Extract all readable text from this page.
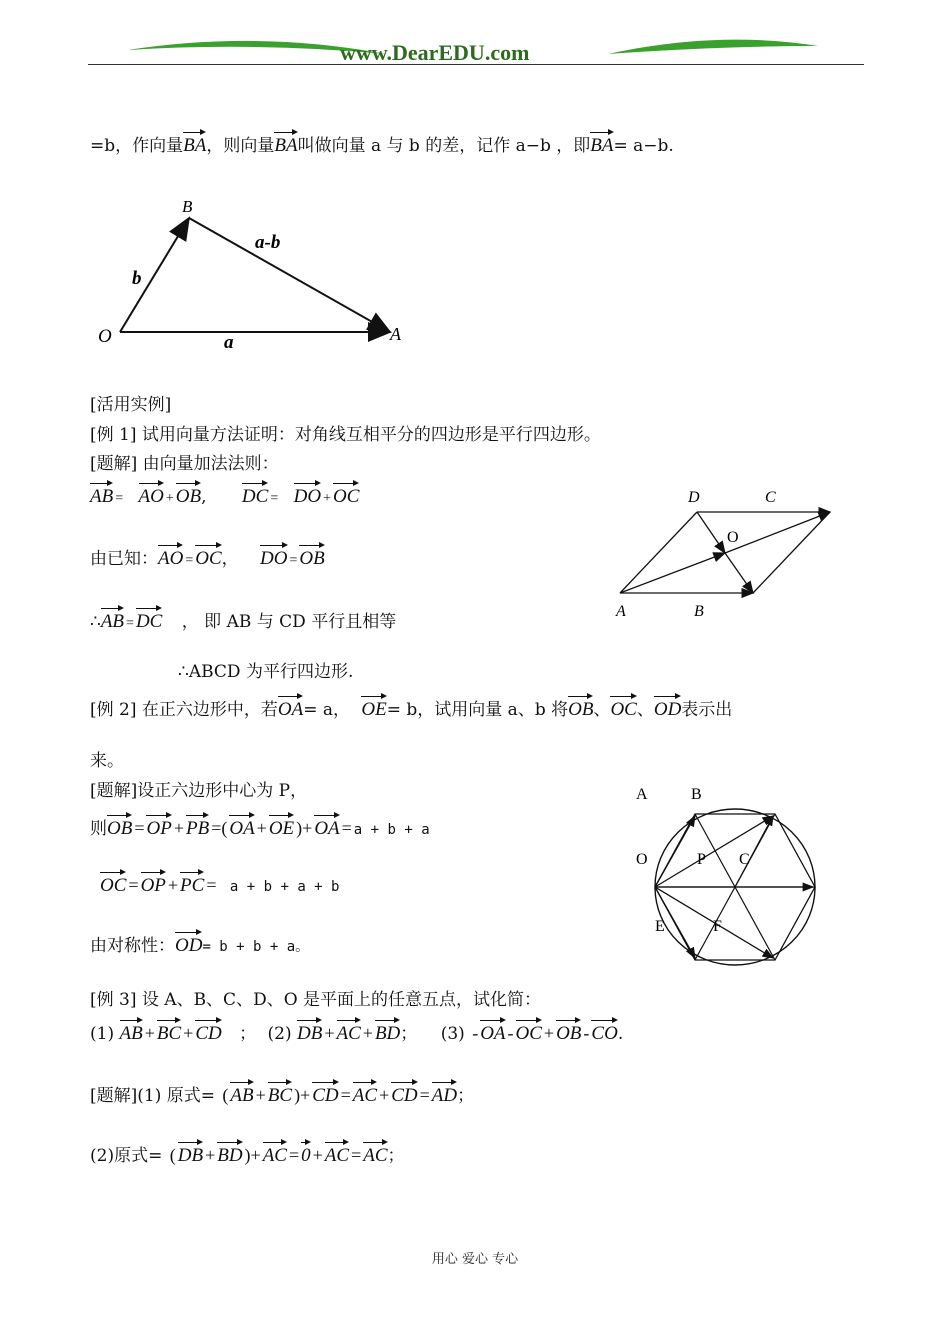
www.DearEDU.com
=b，作向量BA，则向量BA叫做向量 a 与 b 的差，记作 a−b ，即BA= a−b.
B
O	A
b
a
a-b
[活用实例]
[例 1] 试用向量方法证明：对角线互相平分的四边形是平行四边形。
[题解] 由向量加法法则：
AB = AO + OB, DC = DO + OC
由已知：AO = OC， DO = OB
∴AB = DC ， 即 AB 与 CD 平行且相等
∴ABCD 为平行四边形.
D	C
O
A	B
[例 2] 在正六边形中，若OA= a， OE= b，试用向量 a、b 将OB、OC、OD表示出
来。
[题解]设正六边形中心为 P，
则OB = OP + PB =( OA + OE )+ OA = a + b + a
OC = OP + PC = a + b + a + b
由对称性：OD= b + b + a。
A	B
O	P C
E	F
[例 3] 设 A、B、C、D、O 是平面上的任意五点，试化简：
(1) AB + BC + CD ； (2) DB + AC + BD； (3) - OA - OC + OB - CO.
[题解](1) 原式= ( AB + BC )+ CD = AC + CD = AD；
(2)原式= ( DB + BD )+ AC = 0 + AC = AC；
用心 爱心 专心
